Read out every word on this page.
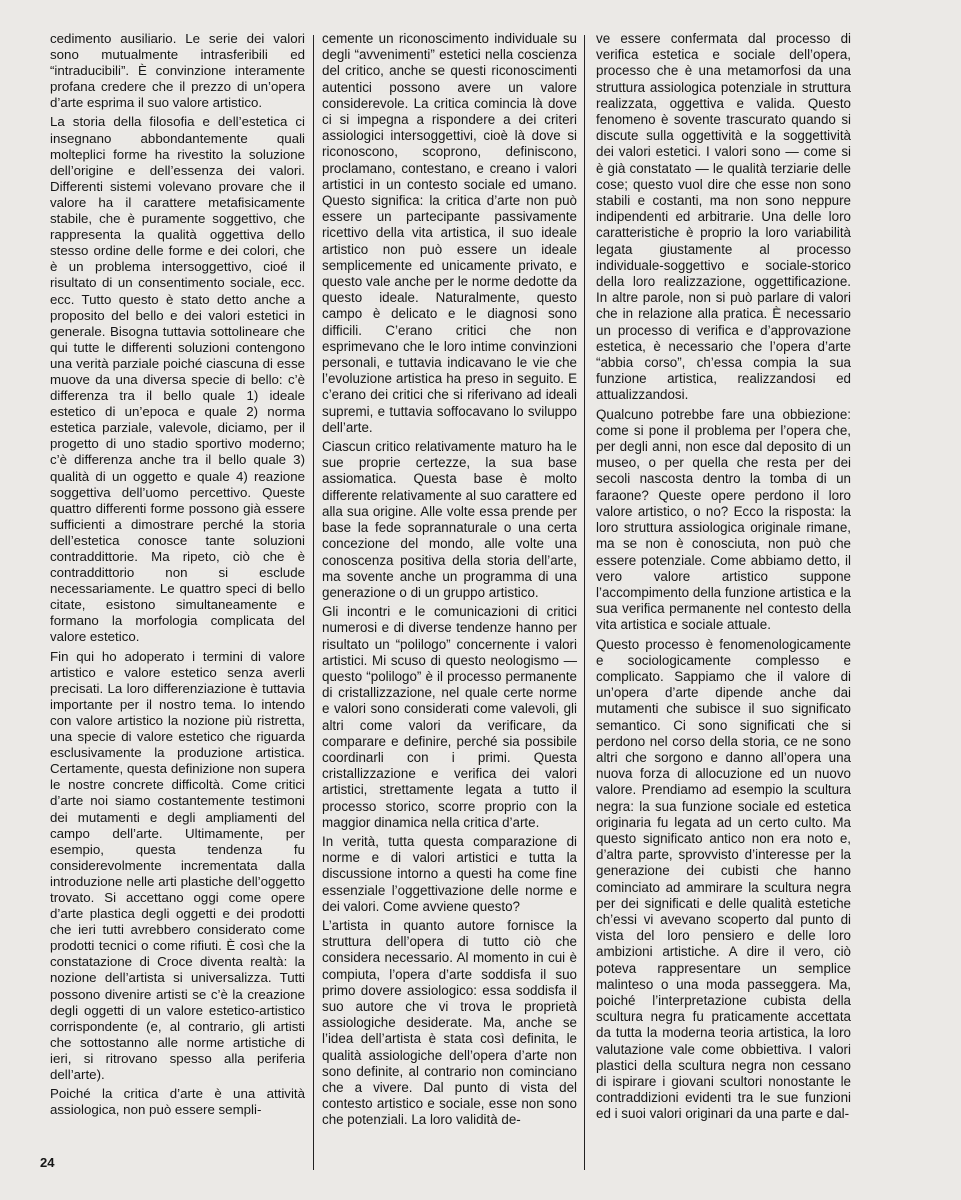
cedimento ausiliario. Le serie dei valori sono mutualmente intrasferibili ed “intraducibili”. È convinzione interamente profana credere che il prezzo di un’opera d’arte esprima il suo valore artistico.

La storia della filosofia e dell’estetica ci insegnano abbondantemente quali molteplici forme ha rivestito la soluzione dell’origine e dell’essenza dei valori. Differenti sistemi volevano provare che il valore ha il carattere metafisicamente stabile, che è puramente soggettivo, che rappresenta la qualità oggettiva dello stesso ordine delle forme e dei colori, che è un problema intersoggettivo, cioé il risultato di un consentimento sociale, ecc. ecc. Tutto questo è stato detto anche a proposito del bello e dei valori estetici in generale. Bisogna tuttavia sottolineare che qui tutte le differenti soluzioni contengono una verità parziale poiché ciascuna di esse muove da una diversa specie di bello: c’è differenza tra il bello quale 1) ideale estetico di un’epoca e quale 2) norma estetica parziale, valevole, diciamo, per il progetto di uno stadio sportivo moderno; c’è differenza anche tra il bello quale 3) qualità di un oggetto e quale 4) reazione soggettiva dell’uomo percettivo. Queste quattro differenti forme possono già essere sufficienti a dimostrare perché la storia dell’estetica conosce tante soluzioni contraddittorie. Ma ripeto, ciò che è contraddittorio non si esclude necessariamente. Le quattro speci di bello citate, esistono simultaneamente e formano la morfologia complicata del valore estetico.

Fin qui ho adoperato i termini di valore artistico e valore estetico senza averli precisati. La loro differenziazione è tuttavia importante per il nostro tema. Io intendo con valore artistico la nozione più ristretta, una specie di valore estetico che riguarda esclusivamente la produzione artistica. Certamente, questa definizione non supera le nostre concrete difficoltà. Come critici d’arte noi siamo costantemente testimoni dei mutamenti e degli ampliamenti del campo dell’arte. Ultimamente, per esempio, questa tendenza fu considerevolmente incrementata dalla introduzione nelle arti plastiche dell’oggetto trovato. Si accettano oggi come opere d’arte plastica degli oggetti e dei prodotti che ieri tutti avrebbero considerato come prodotti tecnici o come rifiuti. È così che la constatazione di Croce diventa realtà: la nozione dell’artista si universalizza. Tutti possono divenire artisti se c’è la creazione degli oggetti di un valore estetico-artistico corrispondente (e, al contrario, gli artisti che sottostanno alle norme artistiche di ieri, si ritrovano spesso alla periferia dell’arte).

Poiché la critica d’arte è una attività assiologica, non può essere sempli-

cemente un riconoscimento individuale su degli “avvenimenti” estetici nella coscienza del critico, anche se questi riconoscimenti autentici possono avere un valore considerevole. La critica comincia là dove ci si impegna a rispondere a dei criteri assiologici intersoggettivi, cioè là dove si riconoscono, scoprono, definiscono, proclamano, contestano, e creano i valori artistici in un contesto sociale ed umano. Questo significa: la critica d’arte non può essere un partecipante passivamente ricettivo della vita artistica, il suo ideale artistico non può essere un ideale semplicemente ed unicamente privato, e questo vale anche per le norme dedotte da questo ideale. Naturalmente, questo campo è delicato e le diagnosi sono difficili. C’erano critici che non esprimevano che le loro intime convinzioni personali, e tuttavia indicavano le vie che l’evoluzione artistica ha preso in seguito. E c’erano dei critici che si riferivano ad ideali supremi, e tuttavia soffocavano lo sviluppo dell’arte.

Ciascun critico relativamente maturo ha le sue proprie certezze, la sua base assiomatica. Questa base è molto differente relativamente al suo carattere ed alla sua origine. Alle volte essa prende per base la fede soprannaturale o una certa concezione del mondo, alle volte una conoscenza positiva della storia dell’arte, ma sovente anche un programma di una generazione o di un gruppo artistico.

Gli incontri e le comunicazioni di critici numerosi e di diverse tendenze hanno per risultato un “polilogo” concernente i valori artistici. Mi scuso di questo neologismo — questo “polilogo” è il processo permanente di cristallizzazione, nel quale certe norme e valori sono considerati come valevoli, gli altri come valori da verificare, da comparare e definire, perché sia possibile coordinarli con i primi. Questa cristallizzazione e verifica dei valori artistici, strettamente legata a tutto il processo storico, scorre proprio con la maggior dinamica nella critica d’arte.

In verità, tutta questa comparazione di norme e di valori artistici e tutta la discussione intorno a questi ha come fine essenziale l’oggettivazione delle norme e dei valori. Come avviene questo?

L’artista in quanto autore fornisce la struttura dell’opera di tutto ciò che considera necessario. Al momento in cui è compiuta, l’opera d’arte soddisfa il suo primo dovere assiologico: essa soddisfa il suo autore che vi trova le proprietà assiologiche desiderate. Ma, anche se l’idea dell’artista è stata così definita, le qualità assiologiche dell’opera d’arte non sono definite, al contrario non cominciano che a vivere. Dal punto di vista del contesto artistico e sociale, esse non sono che potenziali. La loro validità de-

ve essere confermata dal processo di verifica estetica e sociale dell’opera, processo che è una metamorfosi da una struttura assiologica potenziale in struttura realizzata, oggettiva e valida. Questo fenomeno è sovente trascurato quando si discute sulla oggettività e la soggettività dei valori estetici. I valori sono — come si è già constatato — le qualità terziarie delle cose; questo vuol dire che esse non sono stabili e costanti, ma non sono neppure indipendenti ed arbitrarie. Una delle loro caratteristiche è proprio la loro variabilità legata giustamente al processo individuale-soggettivo e sociale-storico della loro realizzazione, oggettificazione. In altre parole, non si può parlare di valori che in relazione alla pratica. È necessario un processo di verifica e d’approvazione estetica, è necessario che l’opera d’arte “abbia corso”, ch’essa compia la sua funzione artistica, realizzandosi ed attualizzandosi.

Qualcuno potrebbe fare una obbiezione: come si pone il problema per l’opera che, per degli anni, non esce dal deposito di un museo, o per quella che resta per dei secoli nascosta dentro la tomba di un faraone? Queste opere perdono il loro valore artistico, o no? Ecco la risposta: la loro struttura assiologica originale rimane, ma se non è conosciuta, non può che essere potenziale. Come abbiamo detto, il vero valore artistico suppone l’accompimento della funzione artistica e la sua verifica permanente nel contesto della vita artistica e sociale attuale.

Questo processo è fenomenologicamente e sociologicamente complesso e complicato. Sappiamo che il valore di un’opera d’arte dipende anche dai mutamenti che subisce il suo significato semantico. Ci sono significati che si perdono nel corso della storia, ce ne sono altri che sorgono e danno all’opera una nuova forza di allocuzione ed un nuovo valore. Prendiamo ad esempio la scultura negra: la sua funzione sociale ed estetica originaria fu legata ad un certo culto. Ma questo significato antico non era noto e, d’altra parte, sprovvisto d’interesse per la generazione dei cubisti che hanno cominciato ad ammirare la scultura negra per dei significati e delle qualità estetiche ch’essi vi avevano scoperto dal punto di vista del loro pensiero e delle loro ambizioni artistiche. A dire il vero, ciò poteva rappresentare un semplice malinteso o una moda passeggera. Ma, poiché l’interpretazione cubista della scultura negra fu praticamente accettata da tutta la moderna teoria artistica, la loro valutazione vale come obbiettiva. I valori plastici della scultura negra non cessano di ispirare i giovani scultori nonostante le contraddizioni evidenti tra le sue funzioni ed i suoi valori originari da una parte e dal-

24
